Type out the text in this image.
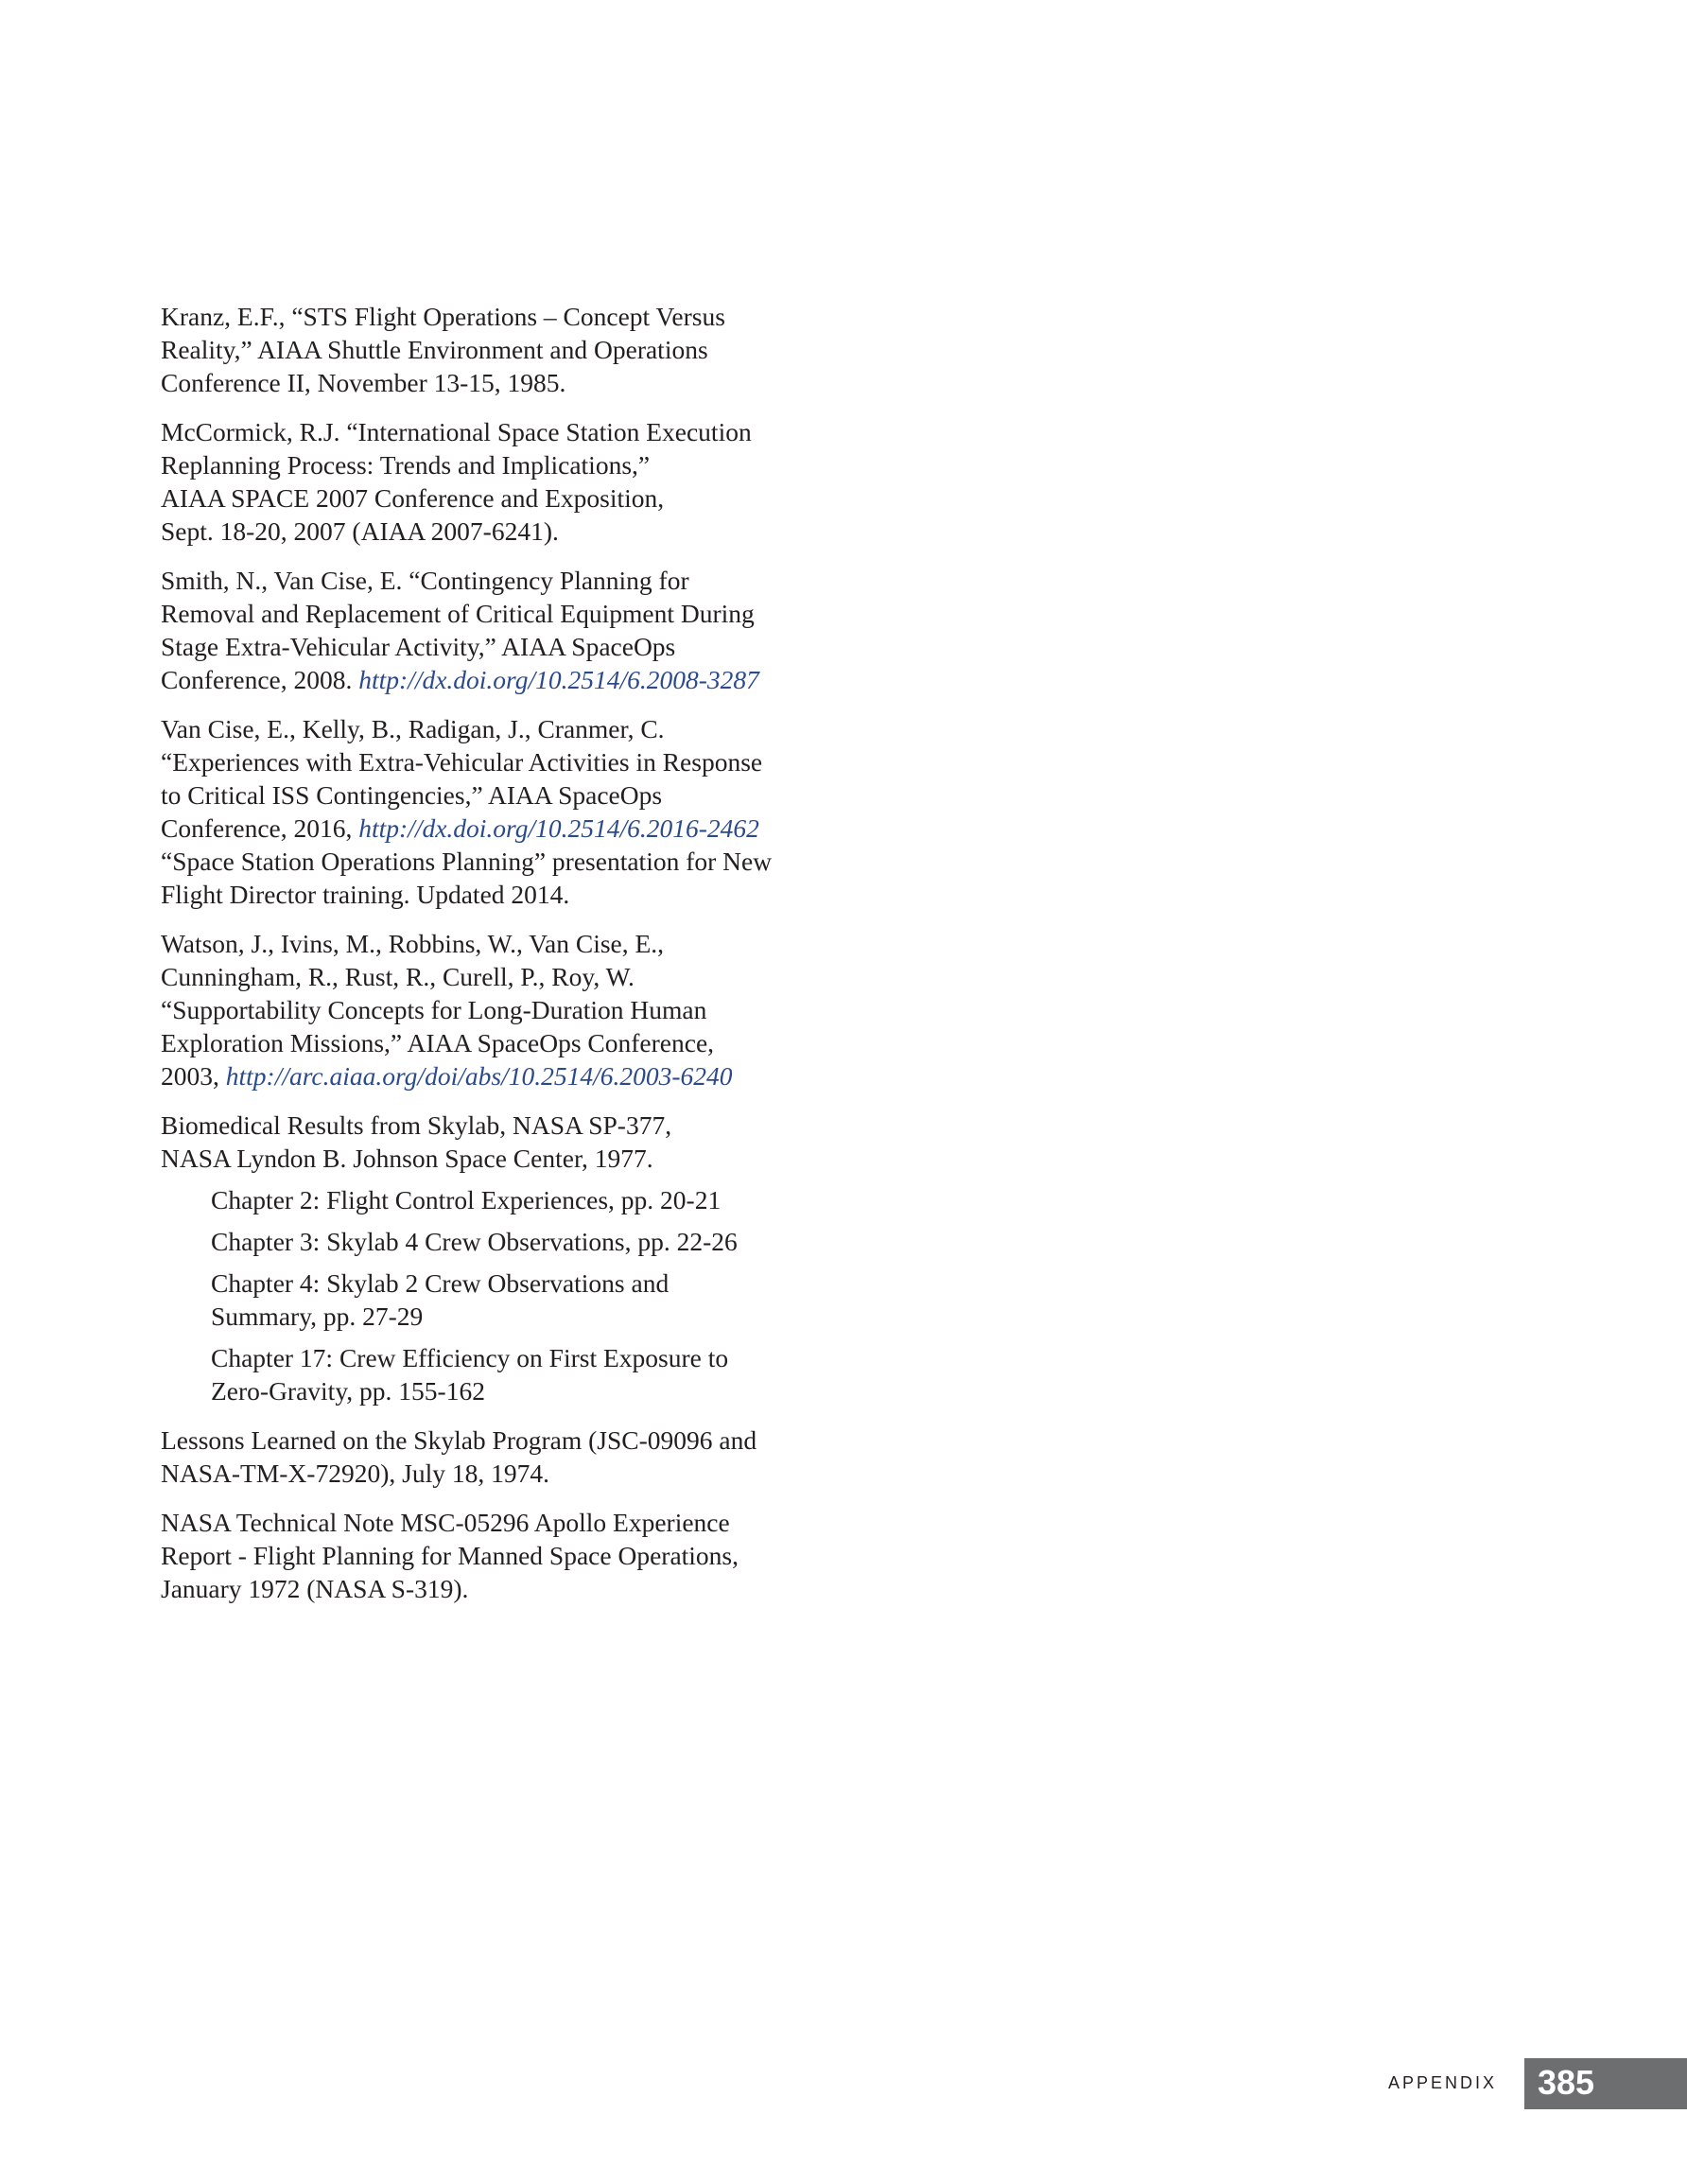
Kranz, E.F., “STS Flight Operations – Concept Versus
Reality,” AIAA Shuttle Environment and Operations
Conference II, November 13-15, 1985.
McCormick, R.J. “International Space Station Execution
Replanning Process: Trends and Implications,”
AIAA SPACE 2007 Conference and Exposition,
Sept. 18-20, 2007 (AIAA 2007-6241).
Smith, N., Van Cise, E. “Contingency Planning for
Removal and Replacement of Critical Equipment During
Stage Extra-Vehicular Activity,” AIAA SpaceOps
Conference, 2008. http://dx.doi.org/10.2514/6.2008-3287
Van Cise, E., Kelly, B., Radigan, J., Cranmer, C.
“Experiences with Extra-Vehicular Activities in Response
to Critical ISS Contingencies,” AIAA SpaceOps
Conference, 2016, http://dx.doi.org/10.2514/6.2016-2462
“Space Station Operations Planning” presentation for New
Flight Director training. Updated 2014.
Watson, J., Ivins, M., Robbins, W., Van Cise, E.,
Cunningham, R., Rust, R., Curell, P., Roy, W.
“Supportability Concepts for Long-Duration Human
Exploration Missions,” AIAA SpaceOps Conference,
2003, http://arc.aiaa.org/doi/abs/10.2514/6.2003-6240
Biomedical Results from Skylab, NASA SP-377,
NASA Lyndon B. Johnson Space Center, 1977.
Chapter 2: Flight Control Experiences, pp. 20-21
Chapter 3: Skylab 4 Crew Observations, pp. 22-26
Chapter 4: Skylab 2 Crew Observations and
Summary, pp. 27-29
Chapter 17: Crew Efficiency on First Exposure to
Zero-Gravity, pp. 155-162
Lessons Learned on the Skylab Program (JSC-09096 and
NASA-TM-X-72920), July 18, 1974.
NASA Technical Note MSC-05296 Apollo Experience
Report - Flight Planning for Manned Space Operations,
January 1972 (NASA S-319).
APPENDIX 385
